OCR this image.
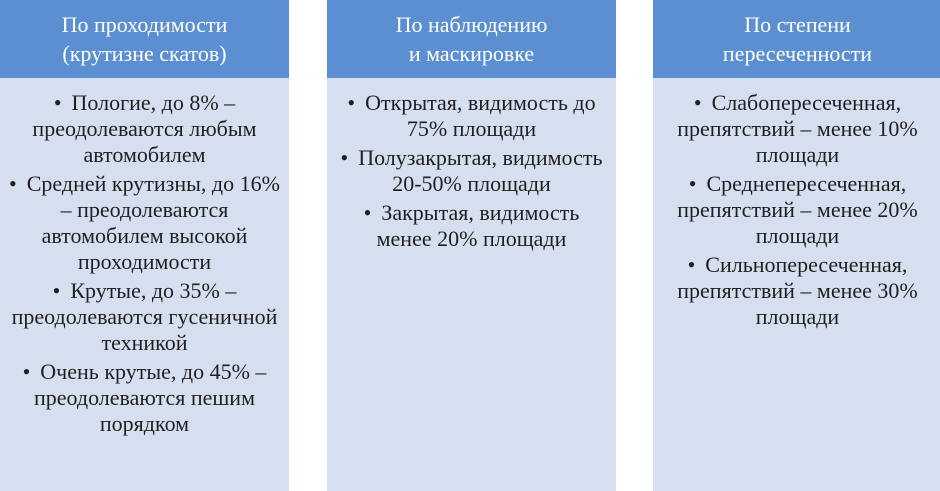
По проходимости
(крутизне скатов)
• Пологие, до 8% – преодолеваются любым автомобилем
• Средней крутизны, до 16% – преодолеваются автомобилем высокой проходимости
• Крутые, до 35% – преодолеваются гусеничной техникой
• Очень крутые, до 45% – преодолеваются пешим порядком
По наблюдению
и маскировке
• Открытая, видимость до 75% площади
• Полузакрытая, видимость 20-50% площади
• Закрытая, видимость менее 20% площади
По степени
пересеченности
• Слабопересеченная, препятствий – менее 10% площади
• Среднепересеченная, препятствий – менее 20% площади
• Сильнопересеченная, препятствий – менее 30% площади
